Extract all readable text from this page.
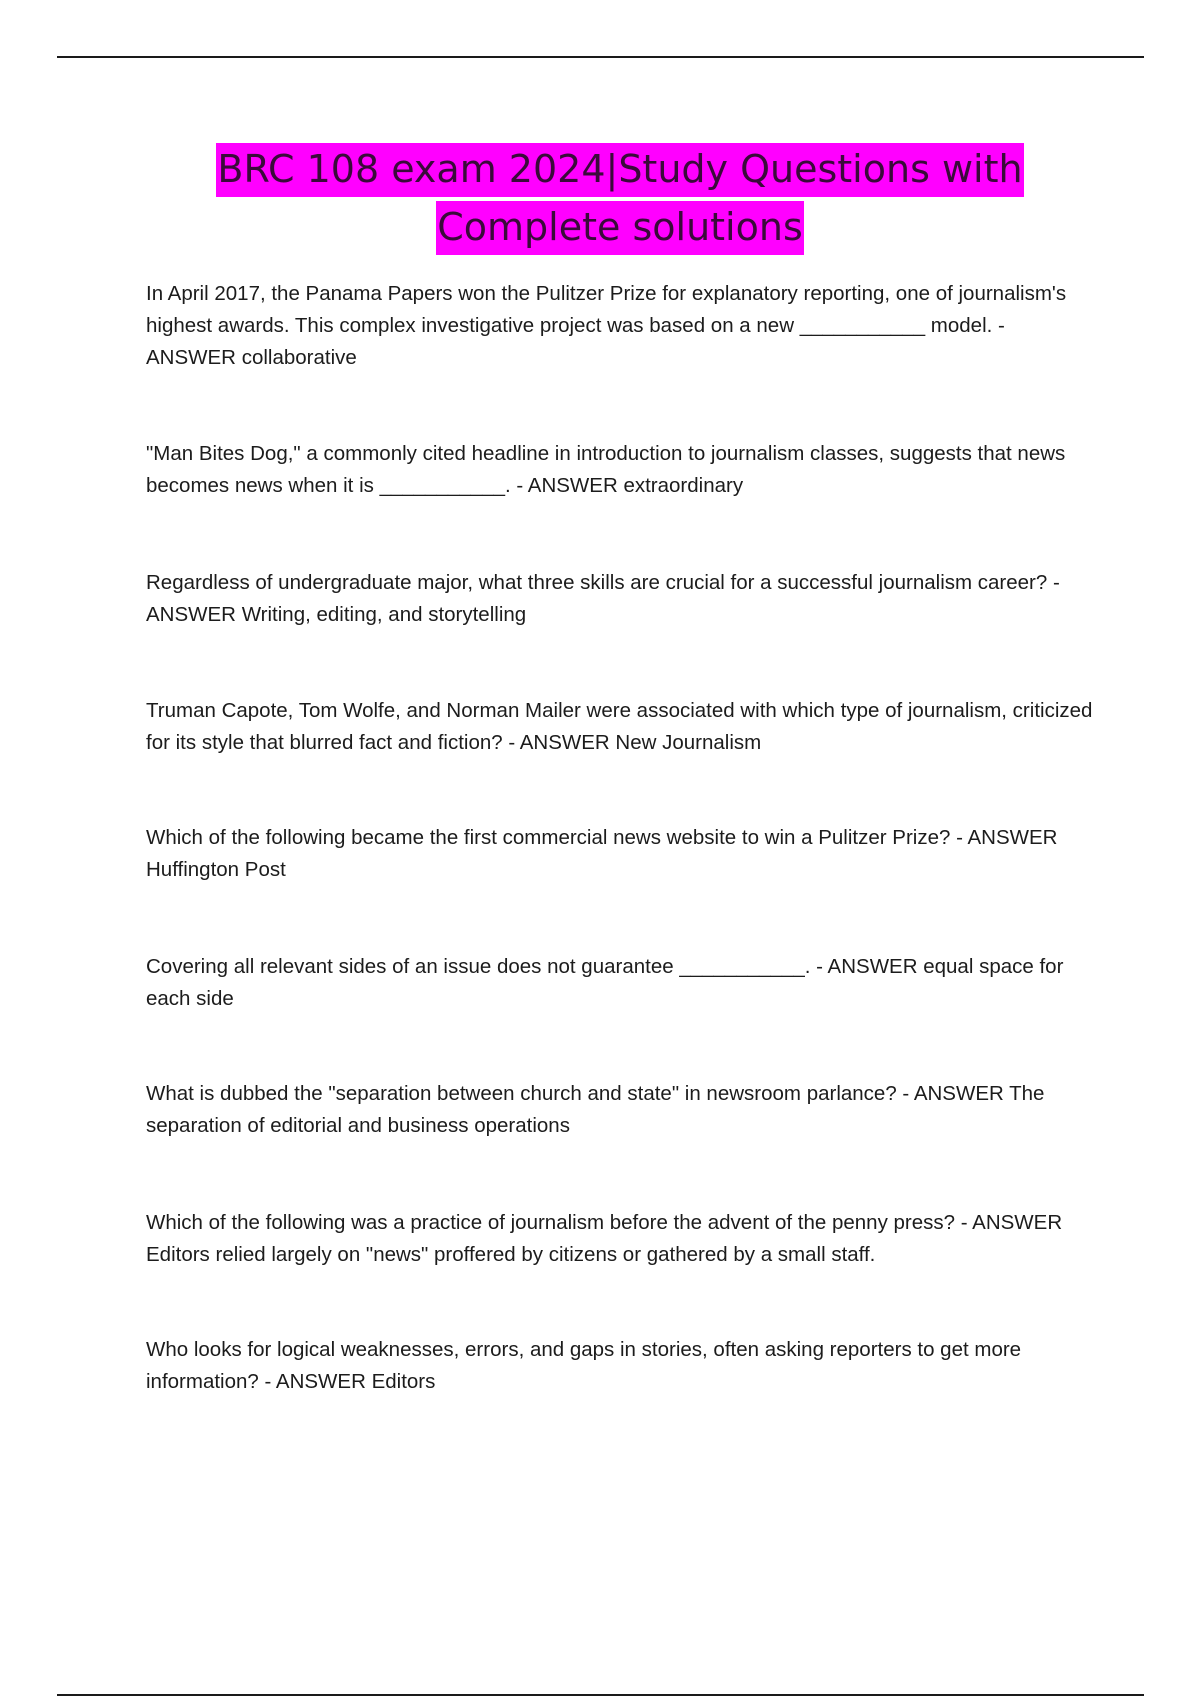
BRC 108 exam 2024|Study Questions with
Complete solutions
In April 2017, the Panama Papers won the Pulitzer Prize for explanatory reporting, one of journalism's highest awards. This complex investigative project was based on a new ___________ model. - ANSWER collaborative
"Man Bites Dog," a commonly cited headline in introduction to journalism classes, suggests that news becomes news when it is ___________. - ANSWER extraordinary
Regardless of undergraduate major, what three skills are crucial for a successful journalism career? - ANSWER Writing, editing, and storytelling
Truman Capote, Tom Wolfe, and Norman Mailer were associated with which type of journalism, criticized for its style that blurred fact and fiction? - ANSWER New Journalism
Which of the following became the first commercial news website to win a Pulitzer Prize? - ANSWER Huffington Post
Covering all relevant sides of an issue does not guarantee ___________. - ANSWER equal space for each side
What is dubbed the "separation between church and state" in newsroom parlance? - ANSWER The separation of editorial and business operations
Which of the following was a practice of journalism before the advent of the penny press? - ANSWER Editors relied largely on "news" proffered by citizens or gathered by a small staff.
Who looks for logical weaknesses, errors, and gaps in stories, often asking reporters to get more information? - ANSWER Editors
